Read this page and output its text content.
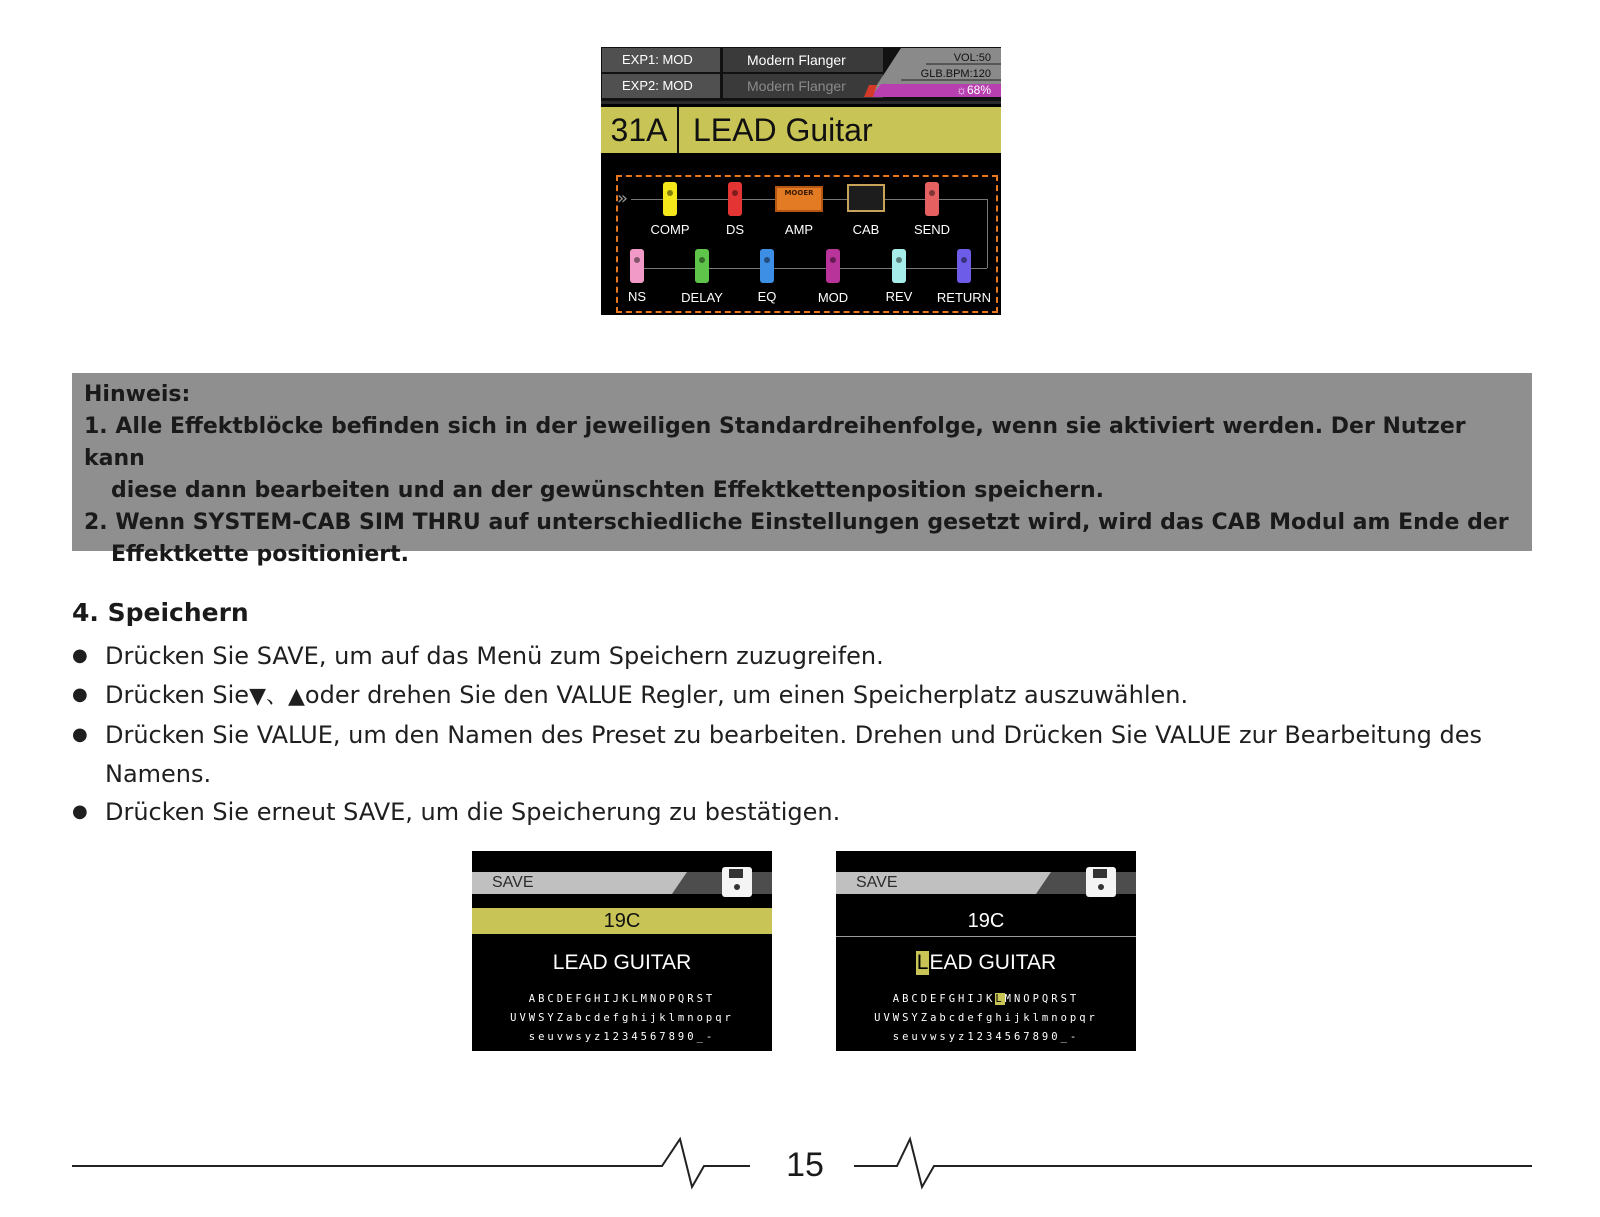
EXP1: MOD
EXP2: MOD
Modern Flanger
Modern Flanger
VOL:50
GLB.BPM:120
☼68%
31A LEAD Guitar
»	MOOER
COMP	DS	AMP	CAB	SEND
NS	DELAY	EQ	MOD	REV	RETURN

Hinweis:

1. Alle Effektblöcke befinden sich in der jeweiligen Standardreihenfolge, wenn sie aktiviert werden. Der Nutzer kann

diese dann bearbeiten und an der gewünschten Effektkettenposition speichern.

2. Wenn SYSTEM-CAB SIM THRU auf unterschiedliche Einstellungen gesetzt wird, wird das CAB Modul am Ende der

Effektkette positioniert.

4. Speichern
● Drücken Sie SAVE, um auf das Menü zum Speichern zuzugreifen.
● Drücken Sie▼、▲oder drehen Sie den VALUE Regler, um einen Speicherplatz auszuwählen.
● Drücken Sie VALUE, um den Namen des Preset zu bearbeiten. Drehen und Drücken Sie VALUE zur Bearbeitung des Namens.
● Drücken Sie erneut SAVE, um die Speicherung zu bestätigen.
SAVE
19C
LEAD GUITAR
ABCDEFGHIJKLMNOPQRST
UVWSYZabcdefghijklmnopqr
seuvwsyz1234567890_-
SAVE
19C
LEAD GUITAR
ABCDEFGHIJKLMNOPQRST
UVWSYZabcdefghijklmnopqr
seuvwsyz1234567890_-
15
